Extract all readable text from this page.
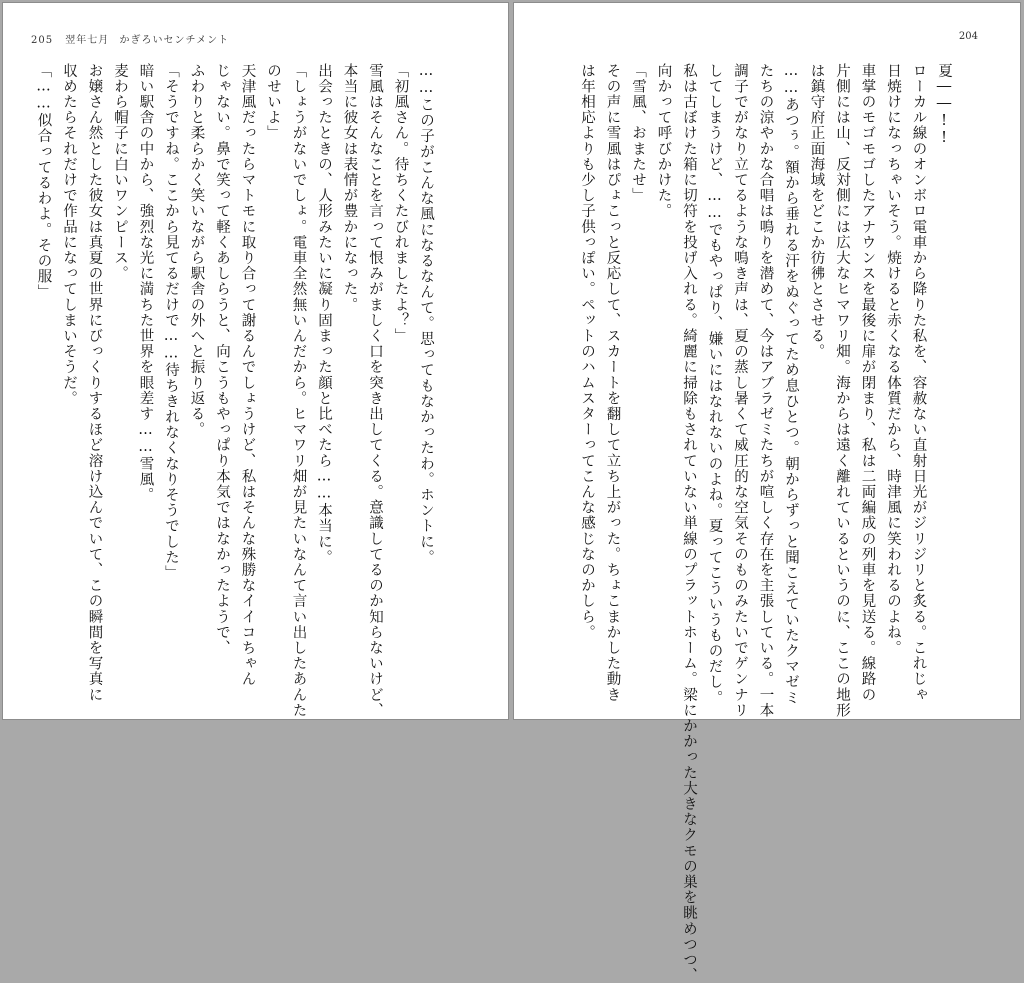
205 翌年七月 かぎろいセンチメント

……この子がこんな風になるなんて。思ってもなかったわ。ホントに。

「初風さん。待ちくたびれましたよ？」

雪風はそんなことを言って恨みがましく口を突き出してくる。意識してるのか知らないけど、

本当に彼女は表情が豊かになった。

出会ったときの、人形みたいに凝り固まった顔と比べたら……本当に。

「しょうがないでしょ。電車全然無いんだから。ヒマワリ畑が見たいなんて言い出したあんた

のせいよ」

天津風だったらマトモに取り合って謝るんでしょうけど、私はそんな殊勝なイイコちゃん

じゃない。鼻で笑って軽くあしらうと、向こうもやっぱり本気ではなかったようで、

ふわりと柔らかく笑いながら駅舎の外へと振り返る。

「そうですね。ここから見てるだけで……待ちきれなくなりそうでした」

暗い駅舎の中から、強烈な光に満ちた世界を眼差す……雪風。

麦わら帽子に白いワンピース。

お嬢さん然とした彼女は真夏の世界にびっくりするほど溶け込んでいて、この瞬間を写真に

収めたらそれだけで作品になってしまいそうだ。

「……似合ってるわよ。その服」

204

夏――!!

ローカル線のオンボロ電車から降りた私を、容赦ない直射日光がジリジリと炙る。これじゃ

日焼けになっちゃいそう。焼けると赤くなる体質だから、時津風に笑われるのよね。

車掌のモゴモゴしたアナウンスを最後に扉が閉まり、私は二両編成の列車を見送る。線路の

片側には山、反対側には広大なヒマワリ畑。海からは遠く離れているというのに、ここの地形

は鎮守府正面海域をどこか彷彿とさせる。

……あつぅ。額から垂れる汗をぬぐってため息ひとつ。朝からずっと聞こえていたクマゼミ

たちの涼やかな合唱は鳴りを潜めて、今はアブラゼミたちが喧しく存在を主張している。一本

調子でがなり立てるような鳴き声は、夏の蒸し暑くて威圧的な空気そのものみたいでゲンナリ

してしまうけど、……でもやっぱり、嫌いにはなれないのよね。夏ってこういうものだし。

私は古ぼけた箱に切符を投げ入れる。綺麗に掃除もされていない単線のプラットホーム。梁にかかった大きなクモの巣を眺めつつ、

向かって呼びかけた。

「雪風、おまたせ」

その声に雪風はぴょこっと反応して、スカートを翻して立ち上がった。ちょこまかした動き

は年相応よりも少し子供っぽい。ペットのハムスターってこんな感じなのかしら。
